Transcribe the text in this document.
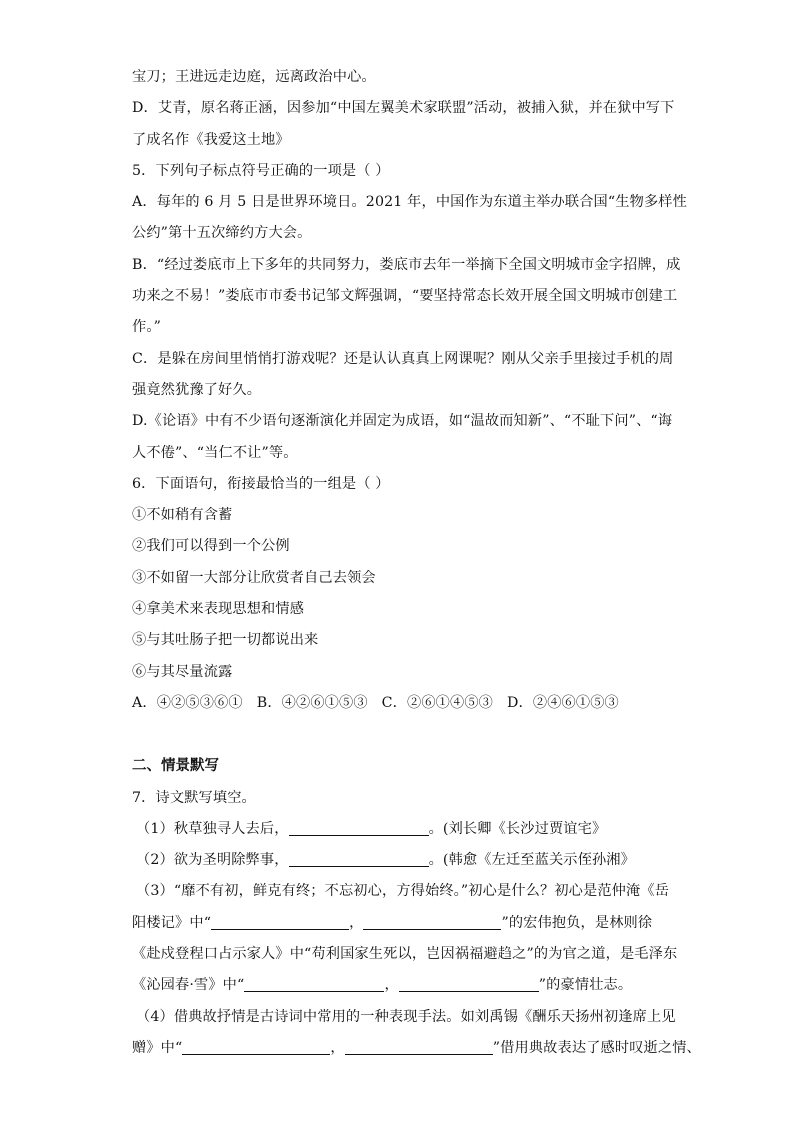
宝刀；王进远走边庭，远离政治中心。
D．艾青，原名蒋正涵，因参加“中国左翼美术家联盟”活动，被捕入狱，并在狱中写下
了成名作《我爱这土地》
5．下列句子标点符号正确的一项是（ ）
A．每年的 6 月 5 日是世界环境日。2021 年，中国作为东道主举办联合国“生物多样性
公约”第十五次缔约方大会。
B．“经过娄底市上下多年的共同努力，娄底市去年一举摘下全国文明城市金字招牌，成
功来之不易！”娄底市市委书记邹文辉强调，“要坚持常态长效开展全国文明城市创建工
作。”
C．是躲在房间里悄悄打游戏呢？还是认认真真上网课呢？刚从父亲手里接过手机的周
强竟然犹豫了好久。
D.《论语》中有不少语句逐渐演化并固定为成语，如“温故而知新”、“不耻下问”、“诲
人不倦”、“当仁不让”等。
6．下面语句，衔接最恰当的一组是（ ）
①不如稍有含蓄
②我们可以得到一个公例
③不如留一大部分让欣赏者自己去领会
④拿美术来表现思想和情感
⑤与其吐肠子把一切都说出来
⑥与其尽量流露
A．④②⑤③⑥①   B．④②⑥①⑤③   C．②⑥①④⑤③   D．②④⑥①⑤③
二、情景默写
7．诗文默写填空。
（1）秋草独寻人去后，	。(刘长卿《长沙过贾谊宅》
（2）欲为圣明除弊事，	。(韩愈《左迁至蓝关示侄孙湘》
（3）“靡不有初，鲜克有终；不忘初心，方得始终。”初心是什么？初心是范仲淹《岳
阳楼记》中“	，	”的宏伟抱负，是林则徐
《赴戍登程口占示家人》中“苟利国家生死以，岂因祸福避趋之”的为官之道，是毛泽东
《沁园春·雪》中“	，	”的豪情壮志。
（4）借典故抒情是古诗词中常用的一种表现手法。如刘禹锡《酬乐天扬州初逢席上见
赠》中“	，	”借用典故表达了感时叹逝之情、
